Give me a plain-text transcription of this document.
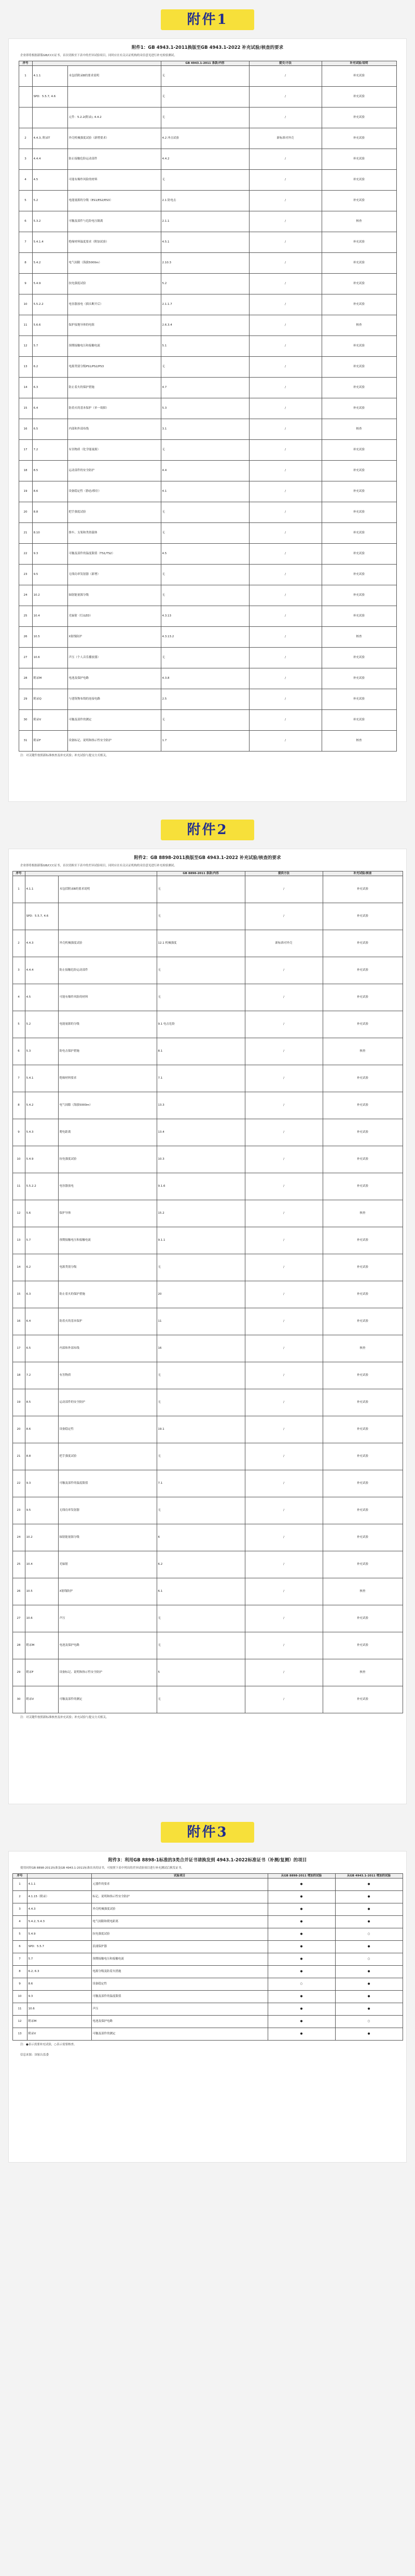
附件1
附件1：GB 4943.1-2011换版至GB 4943.1-2022 补充试验/核查的要求
企业即将根据新版GB/CCC证书，首次切换至下表中的差异试验项目，同时应在有关认证机构的采信意见进行补充检验测试。
序号			GB 4943.1-2011 条款/内容	提交/方法	补充试验/说明
1	4.1.1	未包括附录B的要求说明	无	/	补充试验
	SPD：5.5.7, 4.6		无	/	补充试验
		元件：5.2.2(附录), 4.4.2	无	/	补充试验
2	4.4.3, 附录T	外壳机械强度试验（新增要求）	4.2 冲击试验	新标准对外壳	补充试验
3	4.4.4	防止接触危险运动部件	4.4.2	/	补充试验
4	4.5	可能有爆炸风险的材料	无	/	补充试验
5	5.2	电能量源的分级（ES1/ES2/ES3）	2.1 防电击	/	补充试验
6	5.3.2	可触及部件与危险电压隔离	2.1.1	/	核查
7	5.4.1.4	绝缘材料温度要求（附加试验）	4.5.1	/	补充试验
8	5.4.2	电气间隙（海拔5000m）	2.10.3	/	补充试验
9	5.4.9	抗电强度试验	5.2	/	补充试验
10	5.5.2.2	电容器放电（插头断开后）	2.1.1.7	/	补充试验
11	5.6.6	保护接地导体的电阻	2.6.3.4	/	核查
12	5.7	预期接触电压和接触电流	5.1	/	补充试验
13	6.2	电源类别分级PS1/PS2/PS3	无	/	补充试验
14	6.3	防止着火的保护措施	4.7	/	补充试验
15	6.4	防着火的基本保护（单一故障）	5.3	/	补充试验
16	6.5	内部和外部布线	3.1	/	核查
17	7.2	有害物质（化学能量源）	无	/	补充试验
18	8.5	运动部件的安全防护	4.4	/	补充试验
19	8.6	设备稳定性（静态/移位）	4.1	/	补充试验
20	8.8	把手强度试验	无	/	补充试验
21	8.10	推车、支架和类似载体	无	/	补充试验
22	9.3	可触及部件的温度限值（TS1/TS2）	4.5	/	补充试验
23	9.5	无线功率发射器（新增）	无	/	补充试验
24	10.2	辐射能量源分级	无	/	补充试验
25	10.4	光辐射（灯/LED）	4.3.13	/	补充试验
26	10.5	X射线防护	4.3.13.2	/	核查
27	10.6	声压（个人音乐播放器）	无	/	补充试验
28	附录M	电池及保护电路	4.3.8	/	补充试验
29	附录Q	与建筑物布线的连接电路	2.5	/	补充试验
30	附录V	可触及部件的测定	无	/	补充试验
31	附录F	设备标记、说明和指示性安全防护	1.7	/	核查
注：对关键件按照新标准核查及补充试验；补充试验与提交方式相关。
附件2
附件2：GB 8898-2011换版至GB 4943.1-2022 补充试验/核查的要求
企业即将根据新版GB/CCC证书，首次切换至下表中的差异试验项目，同时应在有关认证机构的采信意见进行补充检验测试。
序号			GB 8898-2011 条款/内容	提供方法	补充试验/核查
1	4.1.1	未包括附录B的要求说明	无	/	补充试验
	SPD：5.5.7, 4.6		无	/	补充试验
2	4.4.3	外壳机械强度试验	12.1 机械强度	新标准对外壳	补充试验
3	4.4.4	防止接触危险运动部件	无	/	补充试验
4	4.5	可能有爆炸风险的材料	无	/	补充试验
5	5.2	电能量源的分级	9.1 电击危险	/	补充试验
6	5.3	防电击保护措施	8.1	/	核查
7	5.4.1	绝缘材料要求	7.1	/	补充试验
8	5.4.2	电气间隙（海拔5000m）	13.3	/	补充试验
9	5.4.3	爬电距离	13.4	/	补充试验
10	5.4.9	抗电强度试验	10.3	/	补充试验
11	5.5.2.2	电容器放电	9.1.6	/	补充试验
12	5.6	保护导体	15.2	/	核查
13	5.7	预期接触电压和接触电流	9.1.1	/	补充试验
14	6.2	电源类别分级	无	/	补充试验
15	6.3	防止着火的保护措施	20	/	补充试验
16	6.4	防着火的基本保护	11	/	补充试验
17	6.5	内部和外部布线	16	/	核查
18	7.2	有害物质	无	/	补充试验
19	8.5	运动部件的安全防护	无	/	补充试验
20	8.6	设备稳定性	19.1	/	补充试验
21	8.8	把手强度试验	无	/	补充试验
22	9.3	可触及部件的温度限值	7.1	/	补充试验
23	9.5	无线功率发射器	无	/	补充试验
24	10.2	辐射能量源分级	6	/	补充试验
25	10.4	光辐射	6.2	/	补充试验
26	10.5	X射线防护	6.1	/	核查
27	10.6	声压	无	/	补充试验
28	附录M	电池及保护电路	无	/	补充试验
29	附录F	设备标记、说明和指示性安全防护	5	/	核查
30	附录V	可触及部件的测定	无	/	补充试验
注：对关键件按照新标准核查及补充试验；补充试验与提交方式相关。
附件3
附件3：利用GB 8898-1标准的3类合并证书请换发到 4943.1-2022标准证书（补测/复测）的项目
使用同时GB 8898-2011标准及GB 4943.1-2011标准出具的证书，可按照下表中列出的差异试验项目进行补充测试后换发证书。
序号		试验项目	从GB 8898-2011 增加的试验	从GB 4943.1-2011 增加的试验
1	4.1.1	元器件的要求	●	●
2	4.1.15（附录）	标记、说明和指示性安全防护	●	●
3	4.4.3	外壳机械强度试验	●	●
4	5.4.2, 5.4.3	电气间隙和爬电距离	●	●
5	5.4.9	抗电强度试验	●	○
6	SPD：5.5.7	浪涌保护器	●	●
7	5.7	预期接触电压和接触电流	●	○
8	6.2, 6.3	电源分级及防着火措施	●	●
9	8.6	设备稳定性	○	●
10	9.3	可触及部件的温度限值	●	●
11	10.6	声压	●	●
12	附录M	电池及保护电路	●	○
13	附录V	可触及部件的测定	●	●
注：●表示需要补充试验，○表示需要核查。
信息来源：国家认监委
